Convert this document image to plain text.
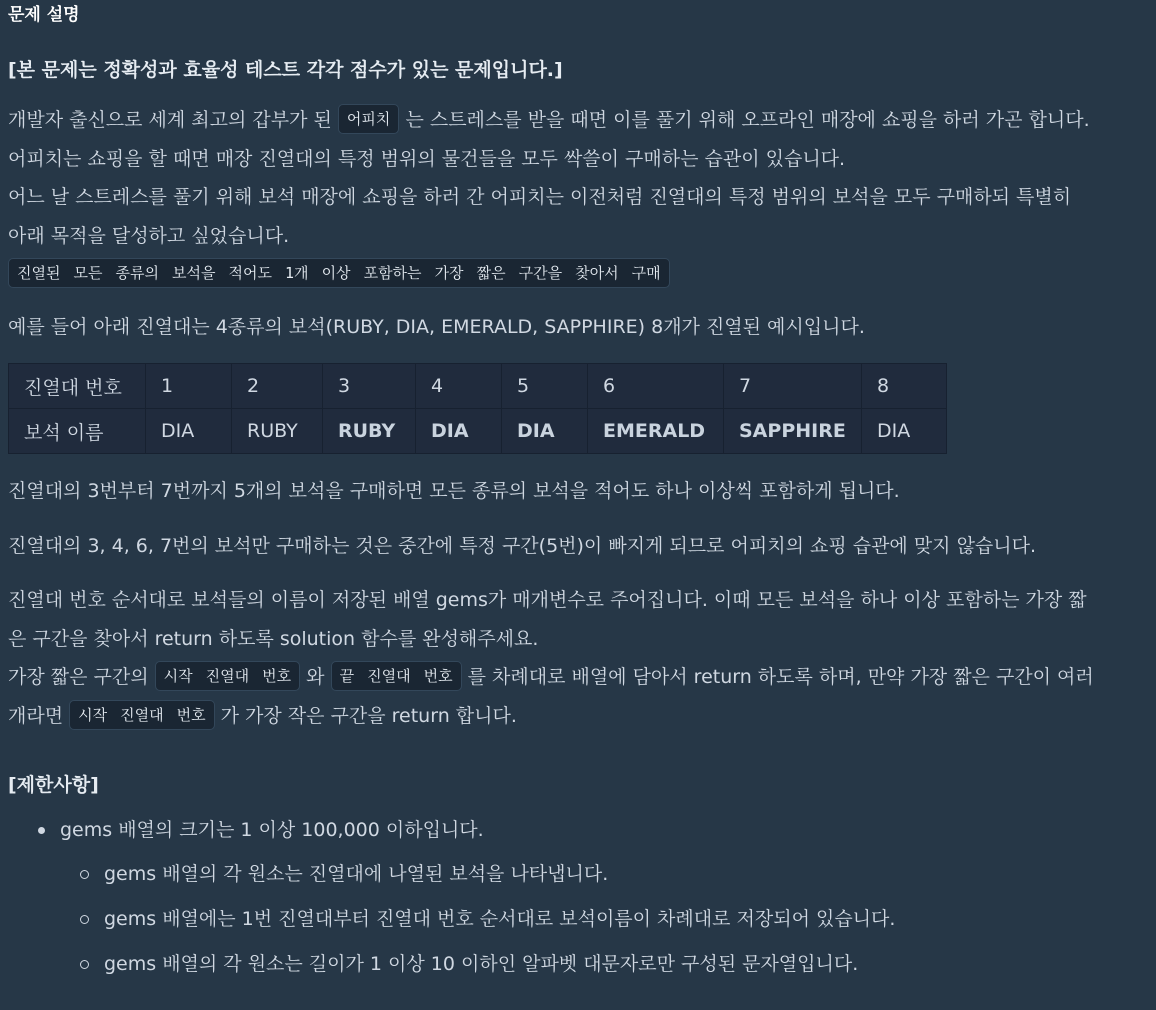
문제 설명
[본 문제는 정확성과 효율성 테스트 각각 점수가 있는 문제입니다.]
개발자 출신으로 세계 최고의 갑부가 된 어피치 는 스트레스를 받을 때면 이를 풀기 위해 오프라인 매장에 쇼핑을 하러 가곤 합니다.
어피치는 쇼핑을 할 때면 매장 진열대의 특정 범위의 물건들을 모두 싹쓸이 구매하는 습관이 있습니다.
어느 날 스트레스를 풀기 위해 보석 매장에 쇼핑을 하러 간 어피치는 이전처럼 진열대의 특정 범위의 보석을 모두 구매하되 특별히
아래 목적을 달성하고 싶었습니다.
진열된 모든 종류의 보석을 적어도 1개 이상 포함하는 가장 짧은 구간을 찾아서 구매
예를 들어 아래 진열대는 4종류의 보석(RUBY, DIA, EMERALD, SAPPHIRE) 8개가 진열된 예시입니다.
진열대 번호	1	2	3	4	5	6	7	8
보석 이름	DIA	RUBY	RUBY	DIA	DIA	EMERALD	SAPPHIRE	DIA
진열대의 3번부터 7번까지 5개의 보석을 구매하면 모든 종류의 보석을 적어도 하나 이상씩 포함하게 됩니다.
진열대의 3, 4, 6, 7번의 보석만 구매하는 것은 중간에 특정 구간(5번)이 빠지게 되므로 어피치의 쇼핑 습관에 맞지 않습니다.
진열대 번호 순서대로 보석들의 이름이 저장된 배열 gems가 매개변수로 주어집니다. 이때 모든 보석을 하나 이상 포함하는 가장 짧
은 구간을 찾아서 return 하도록 solution 함수를 완성해주세요.
가장 짧은 구간의 시작 진열대 번호 와 끝 진열대 번호 를 차례대로 배열에 담아서 return 하도록 하며, 만약 가장 짧은 구간이 여러
개라면 시작 진열대 번호 가 가장 작은 구간을 return 합니다.
[제한사항]
gems 배열의 크기는 1 이상 100,000 이하입니다.
gems 배열의 각 원소는 진열대에 나열된 보석을 나타냅니다.
gems 배열에는 1번 진열대부터 진열대 번호 순서대로 보석이름이 차례대로 저장되어 있습니다.
gems 배열의 각 원소는 길이가 1 이상 10 이하인 알파벳 대문자로만 구성된 문자열입니다.
